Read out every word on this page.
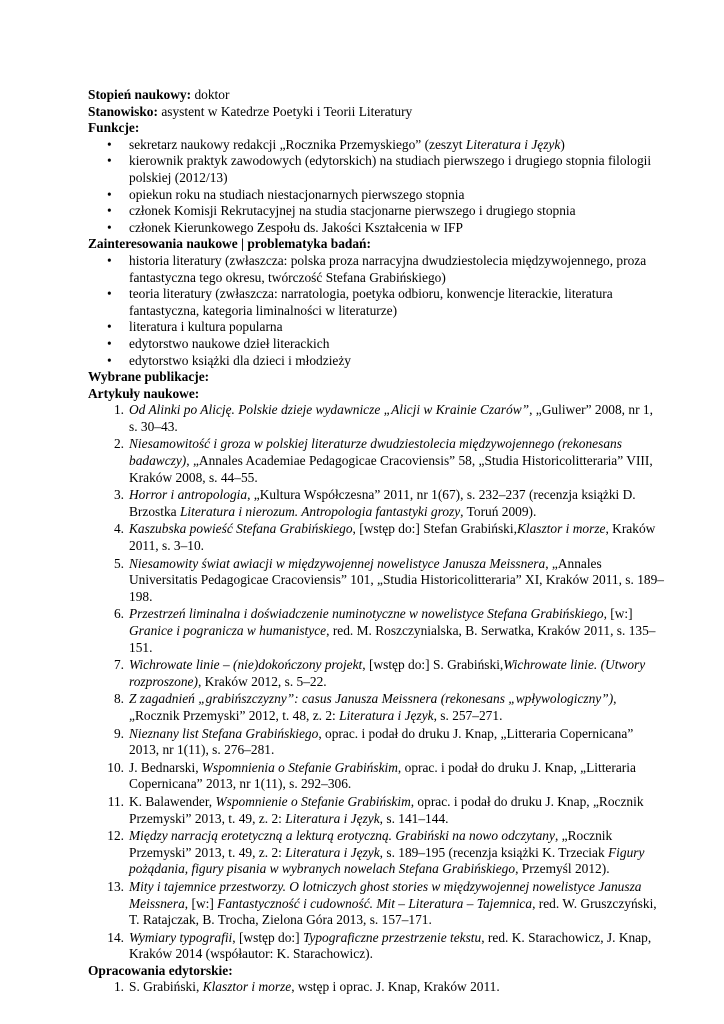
Stopień naukowy: doktor

Stanowisko: asystent w Katedrze Poetyki i Teorii Literatury

Funkcje:

• sekretarz naukowy redakcji „Rocznika Przemyskiego” (zeszyt Literatura i Język)
• kierownik praktyk zawodowych (edytorskich) na studiach pierwszego i drugiego stopnia filologii polskiej (2012/13)
• opiekun roku na studiach niestacjonarnych pierwszego stopnia
• członek Komisji Rekrutacyjnej na studia stacjonarne pierwszego i drugiego stopnia
• członek Kierunkowego Zespołu ds. Jakości Kształcenia w IFP

Zainteresowania naukowe | problematyka badań:

• historia literatury (zwłaszcza: polska proza narracyjna dwudziestolecia międzywojennego, proza fantastyczna tego okresu, twórczość Stefana Grabińskiego)
• teoria literatury (zwłaszcza: narratologia, poetyka odbioru, konwencje literackie, literatura fantastyczna, kategoria liminalności w literaturze)
• literatura i kultura popularna
• edytorstwo naukowe dzieł literackich
• edytorstwo książki dla dzieci i młodzieży

Wybrane publikacje:

Artykuły naukowe:

1. Od Alinki po Alicję. Polskie dzieje wydawnicze „Alicji w Krainie Czarów”, „Guliwer” 2008, nr 1, s. 30–43.
2. Niesamowitość i groza w polskiej literaturze dwudziestolecia międzywojennego (rekonesans badawczy), „Annales Academiae Pedagogicae Cracoviensis” 58, „Studia Historicolitteraria” VIII, Kraków 2008, s. 44–55.
3. Horror i antropologia, „Kultura Współczesna” 2011, nr 1(67), s. 232–237 (recenzja książki D. Brzostka Literatura i nierozum. Antropologia fantastyki grozy, Toruń 2009).
4. Kaszubska powieść Stefana Grabińskiego, [wstęp do:] Stefan Grabiński,Klasztor i morze, Kraków 2011, s. 3–10.
5. Niesamowity świat awiacji w międzywojennej nowelistyce Janusza Meissnera, „Annales Universitatis Pedagogicae Cracoviensis” 101, „Studia Historicolitteraria” XI, Kraków 2011, s. 189–198.
6. Przestrzeń liminalna i doświadczenie numinotyczne w nowelistyce Stefana Grabińskiego, [w:] Granice i pogranicza w humanistyce, red. M. Roszczynialska, B. Serwatka, Kraków 2011, s. 135–151.
7. Wichrowate linie – (nie)dokończony projekt, [wstęp do:] S. Grabiński,Wichrowate linie. (Utwory rozproszone), Kraków 2012, s. 5–22.
8. Z zagadnień „grabińszczyzny”: casus Janusza Meissnera (rekonesans „wpływologiczny”), „Rocznik Przemyski” 2012, t. 48, z. 2: Literatura i Język, s. 257–271.
9. Nieznany list Stefana Grabińskiego, oprac. i podał do druku J. Knap, „Litteraria Copernicana” 2013, nr 1(11), s. 276–281.
10. J. Bednarski, Wspomnienia o Stefanie Grabińskim, oprac. i podał do druku J. Knap, „Litteraria Copernicana” 2013, nr 1(11), s. 292–306.
11. K. Balawender, Wspomnienie o Stefanie Grabińskim, oprac. i podał do druku J. Knap, „Rocznik Przemyski” 2013, t. 49, z. 2: Literatura i Język, s. 141–144.
12. Między narracją erotetyczną a lekturą erotyczną. Grabiński na nowo odczytany, „Rocznik Przemyski” 2013, t. 49, z. 2: Literatura i Język, s. 189–195 (recenzja książki K. Trzeciak Figury pożądania, figury pisania w wybranych nowelach Stefana Grabińskiego, Przemyśl 2012).
13. Mity i tajemnice przestworzy. O lotniczych ghost stories w międzywojennej nowelistyce Janusza Meissnera, [w:] Fantastyczność i cudowność. Mit – Literatura – Tajemnica, red. W. Gruszczyński, T. Ratajczak, B. Trocha, Zielona Góra 2013, s. 157–171.
14. Wymiary typografii, [wstęp do:] Typograficzne przestrzenie tekstu, red. K. Starachowicz, J. Knap, Kraków 2014 (współautor: K. Starachowicz).

Opracowania edytorskie:

1. S. Grabiński, Klasztor i morze, wstęp i oprac. J. Knap, Kraków 2011.
